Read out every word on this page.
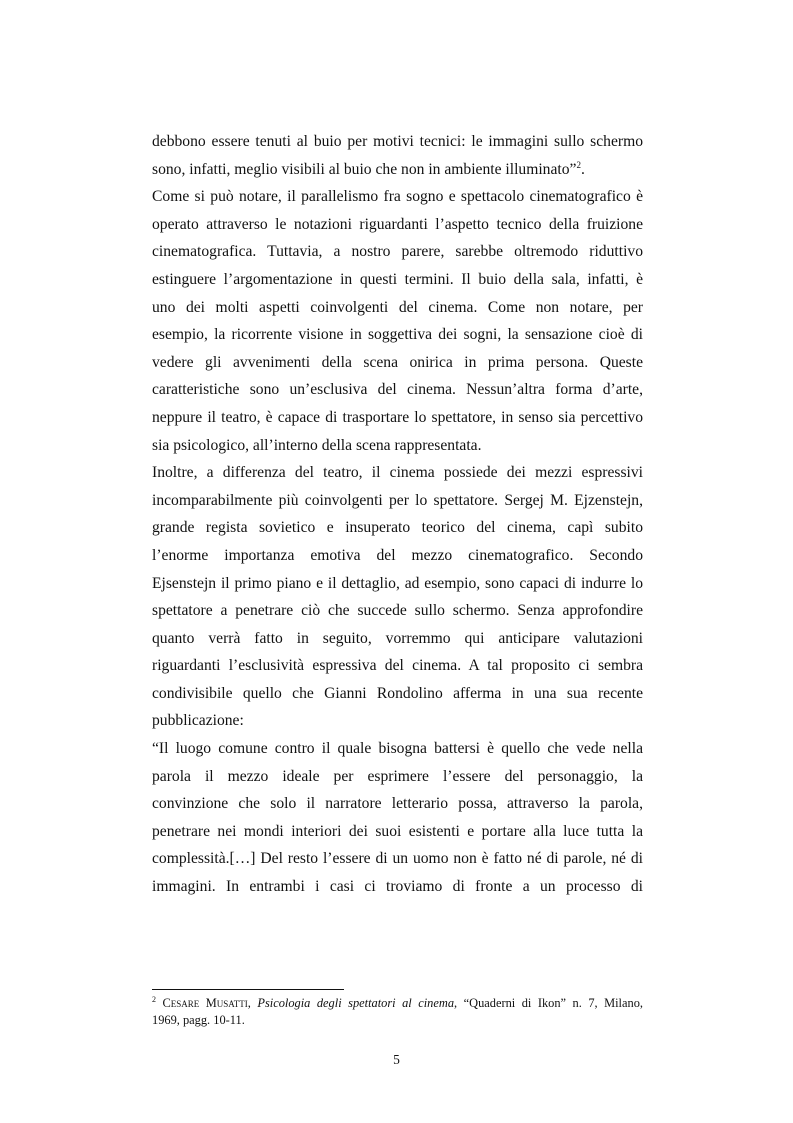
debbono essere tenuti al buio per motivi tecnici: le immagini sullo schermo
sono, infatti, meglio visibili al buio che non in ambiente illuminato”$^2$.
Come si può notare, il parallelismo fra sogno e spettacolo cinematografico è
operato attraverso le notazioni riguardanti l’aspetto tecnico della fruizione
cinematografica. Tuttavia, a nostro parere, sarebbe oltremodo riduttivo
estinguere l’argomentazione in questi termini. Il buio della sala, infatti, è
uno dei molti aspetti coinvolgenti del cinema. Come non notare, per
esempio, la ricorrente visione in soggettiva dei sogni, la sensazione cioè di
vedere gli avvenimenti della scena onirica in prima persona. Queste
caratteristiche sono un’esclusiva del cinema. Nessun’altra forma d’arte,
neppure il teatro, è capace di trasportare lo spettatore, in senso sia percettivo
sia psicologico, all’interno della scena rappresentata.
Inoltre, a differenza del teatro, il cinema possiede dei mezzi espressivi
incomparabilmente più coinvolgenti per lo spettatore. Sergej M. Ejzenstejn,
grande regista sovietico e insuperato teorico del cinema, capì subito
l’enorme importanza emotiva del mezzo cinematografico. Secondo
Ejsenstejn il primo piano e il dettaglio, ad esempio, sono capaci di indurre lo
spettatore a penetrare ciò che succede sullo schermo. Senza approfondire
quanto verrà fatto in seguito, vorremmo qui anticipare valutazioni
riguardanti l’esclusività espressiva del cinema. A tal proposito ci sembra
condivisibile quello che Gianni Rondolino afferma in una sua recente
pubblicazione:
“Il luogo comune contro il quale bisogna battersi è quello che vede nella
parola il mezzo ideale per esprimere l’essere del personaggio, la
convinzione che solo il narratore letterario possa, attraverso la parola,
penetrare nei mondi interiori dei suoi esistenti e portare alla luce tutta la
complessità.[…] Del resto l’essere di un uomo non è fatto né di parole, né di
immagini. In entrambi i casi ci troviamo di fronte a un processo di
$^2$ Cesare Musatti, Psicologia degli spettatori al cinema, “Quaderni di Ikon” n. 7, Milano,
1969, pagg. 10-11.
5
